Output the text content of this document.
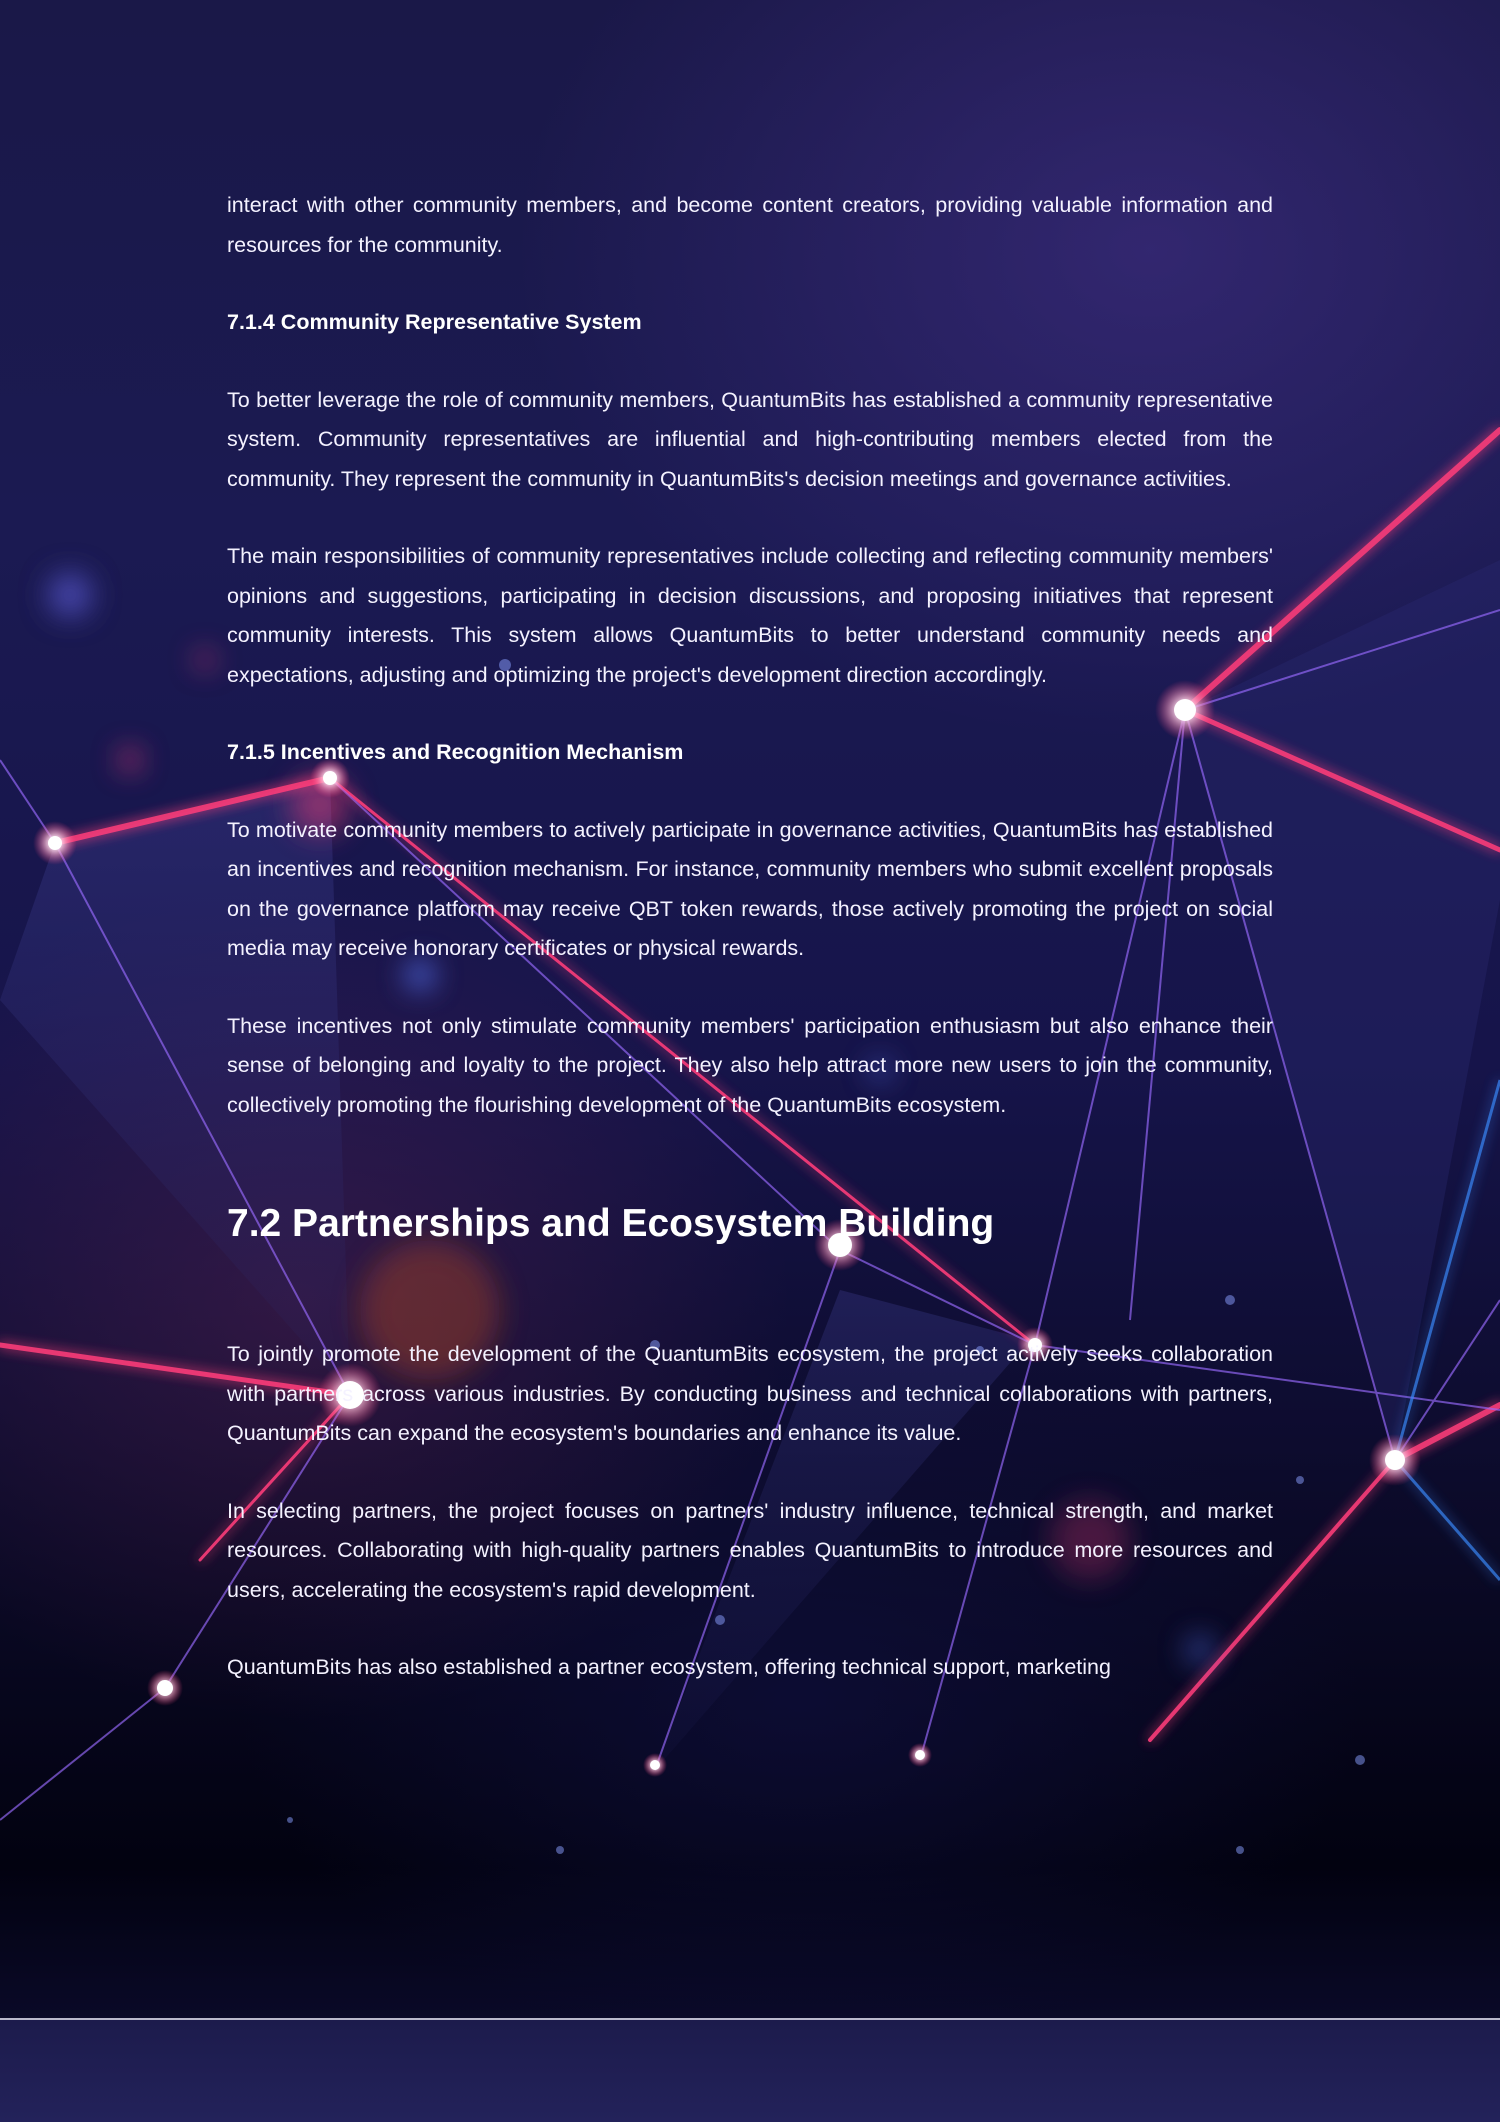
interact with other community members, and become content creators, providing valuable information and resources for the community.

7.1.4 Community Representative System

To better leverage the role of community members, QuantumBits has established a community representative system. Community representatives are influential and high-contributing members elected from the community. They represent the community in QuantumBits's decision meetings and governance activities.

The main responsibilities of community representatives include collecting and reflecting community members' opinions and suggestions, participating in decision discussions, and proposing initiatives that represent community interests. This system allows QuantumBits to better understand community needs and expectations, adjusting and optimizing the project's development direction accordingly.

7.1.5 Incentives and Recognition Mechanism

To motivate community members to actively participate in governance activities, QuantumBits has established an incentives and recognition mechanism. For instance, community members who submit excellent proposals on the governance platform may receive QBT token rewards, those actively promoting the project on social media may receive honorary certificates or physical rewards.

These incentives not only stimulate community members' participation enthusiasm but also enhance their sense of belonging and loyalty to the project. They also help attract more new users to join the community, collectively promoting the flourishing development of the QuantumBits ecosystem.

7.2 Partnerships and Ecosystem Building

To jointly promote the development of the QuantumBits ecosystem, the project actively seeks collaboration with partners across various industries. By conducting business and technical collaborations with partners, QuantumBits can expand the ecosystem's boundaries and enhance its value.

In selecting partners, the project focuses on partners' industry influence, technical strength, and market resources. Collaborating with high-quality partners enables QuantumBits to introduce more resources and users, accelerating the ecosystem's rapid development.

QuantumBits has also established a partner ecosystem, offering technical support, marketing
